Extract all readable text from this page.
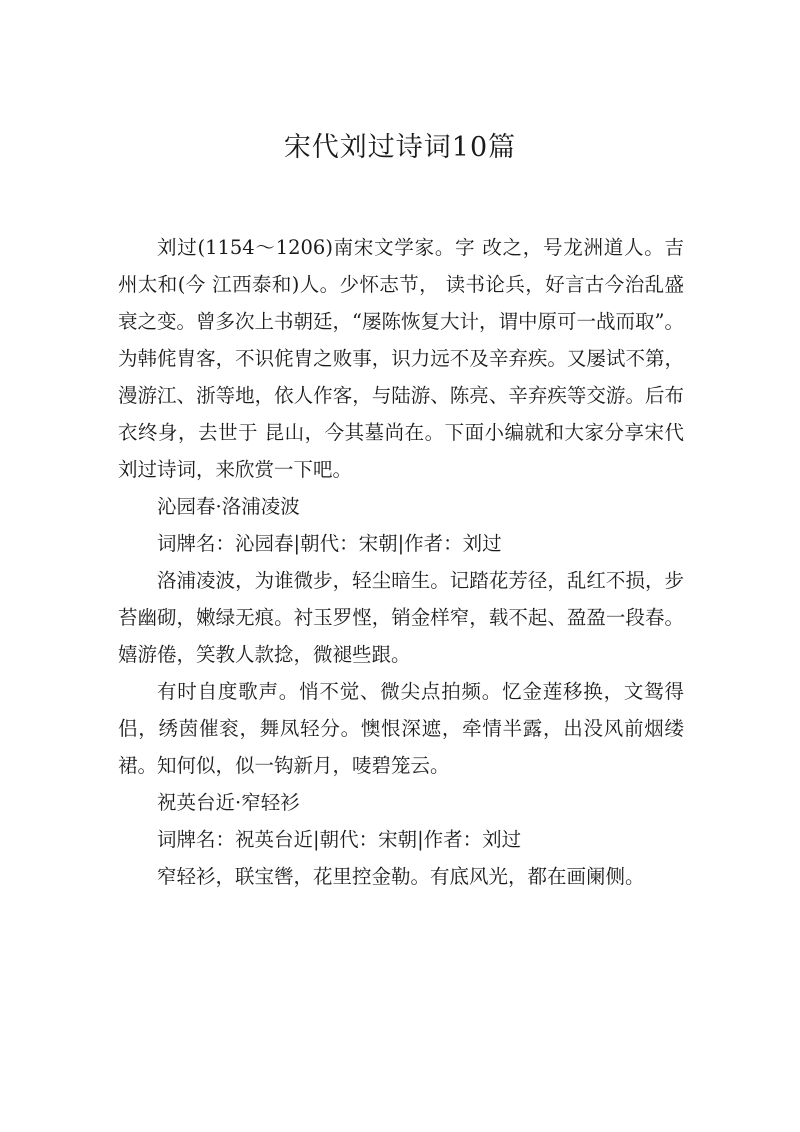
宋代刘过诗词10篇

刘过(1154～1206)南宋文学家。字 改之，号龙洲道人。吉州太和(今 江西泰和)人。少怀志节， 读书论兵，好言古今治乱盛衰之变。曾多次上书朝廷，“屡陈恢复大计，谓中原可一战而取”。为韩侂胄客，不识侂胄之败事，识力远不及辛弃疾。又屡试不第， 漫游江、浙等地，依人作客，与陆游、陈亮、辛弃疾等交游。后布衣终身，去世于 昆山，今其墓尚在。下面小编就和大家分享宋代刘过诗词，来欣赏一下吧。

沁园春·洛浦凌波

词牌名：沁园春|朝代：宋朝|作者：刘过

洛浦凌波，为谁微步，轻尘暗生。记踏花芳径，乱红不损，步苔幽砌，嫩绿无痕。衬玉罗悭，销金样窄，载不起、盈盈一段春。嬉游倦，笑教人款捻，微褪些跟。

有时自度歌声。悄不觉、微尖点拍频。忆金莲移换，文鸳得侣，绣茵催衮，舞凤轻分。懊恨深遮，牵情半露，出没风前烟缕裙。知何似，似一钩新月，唛碧笼云。

祝英台近·窄轻衫

词牌名：祝英台近|朝代：宋朝|作者：刘过

窄轻衫，联宝辔，花里控金勒。有底风光，都在画阑侧。
